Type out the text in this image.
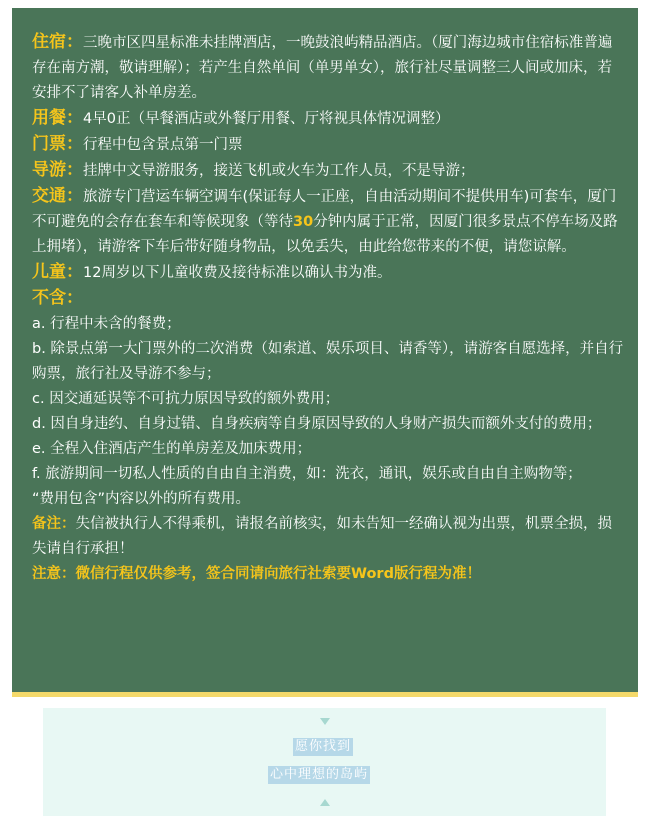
住宿：三晚市区四星标准未挂牌酒店，一晚鼓浪屿精品酒店。（厦门海边城市住宿标准普遍存在南方潮，敬请理解）；若产生自然单间（单男单女），旅行社尽量调整三人间或加床，若安排不了请客人补单房差。

用餐：4早0正（早餐酒店或外餐厅用餐、厅将视具体情况调整）

门票：行程中包含景点第一门票

导游：挂牌中文导游服务，接送飞机或火车为工作人员，不是导游；

交通：旅游专门营运车辆空调车(保证每人一正座，自由活动期间不提供用车)可套车，厦门不可避免的会存在套车和等候现象（等待30分钟内属于正常，因厦门很多景点不停车场及路上拥堵），请游客下车后带好随身物品，以免丢失，由此给您带来的不便，请您谅解。

儿童：12周岁以下儿童收费及接待标准以确认书为准。

不含：

a. 行程中未含的餐费；

b. 除景点第一大门票外的二次消费（如索道、娱乐项目、请香等），请游客自愿选择，并自行购票，旅行社及导游不参与；

c. 因交通延误等不可抗力原因导致的额外费用；

d. 因自身违约、自身过错、自身疾病等自身原因导致的人身财产损失而额外支付的费用；

e. 全程入住酒店产生的单房差及加床费用；

f. 旅游期间一切私人性质的自由自主消费，如：洗衣，通讯，娱乐或自由自主购物等；

“费用包含”内容以外的所有费用。

备注：失信被执行人不得乘机，请报名前核实，如未告知一经确认视为出票，机票全损，损失请自行承担！

注意：微信行程仅供参考，签合同请向旅行社索要Word版行程为准！

愿你找到
心中理想的岛屿
